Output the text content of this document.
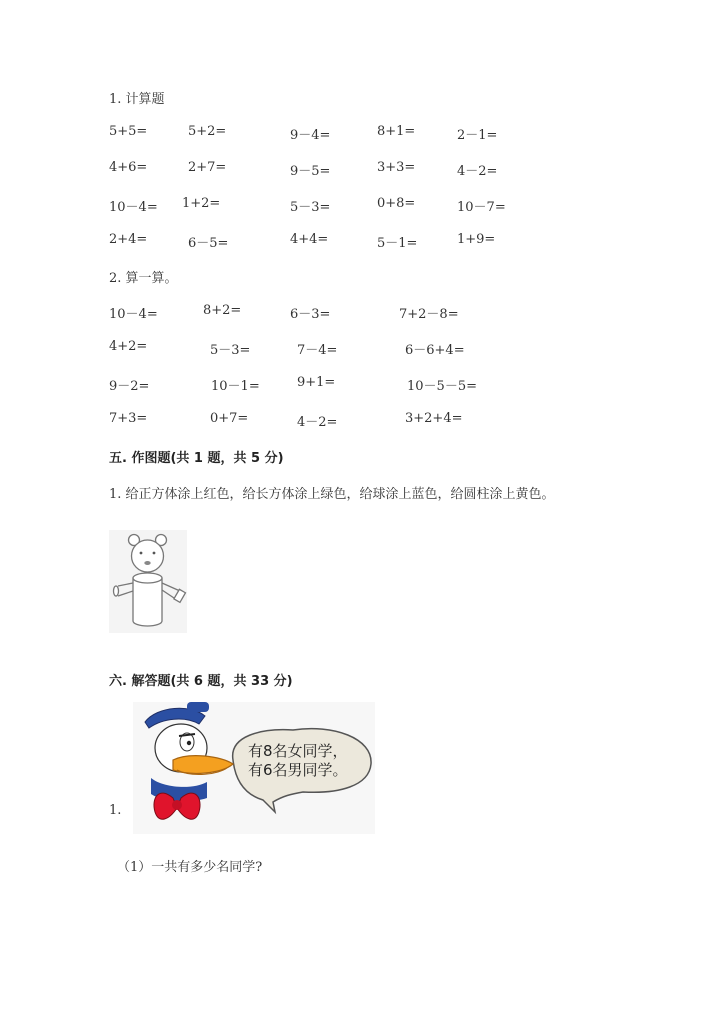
1. 计算题
5+5=	5+2=	9－4=	8+1=	2－1=
4+6=	2+7=	9－5=	3+3=	4－2=
10－4= 1+2=	5－3=	0+8=	10－7=
2+4=	6－5=	4+4=	5－1=	1+9=
2. 算一算。
10－4=	8+2=	6－3=	7+2－8=
4+2=	5－3=	7－4=	6－6+4=
9－2=	10－1=	9+1=	10－5－5=
7+3=	0+7=	4－2=	3+2+4=
五. 作图题(共 1 题，共 5 分)
1. 给正方体涂上红色，给长方体涂上绿色，给球涂上蓝色，给圆柱涂上黄色。
六. 解答题(共 6 题，共 33 分)
1.
有8名女同学，
有6名男同学。
（1）一共有多少名同学?
